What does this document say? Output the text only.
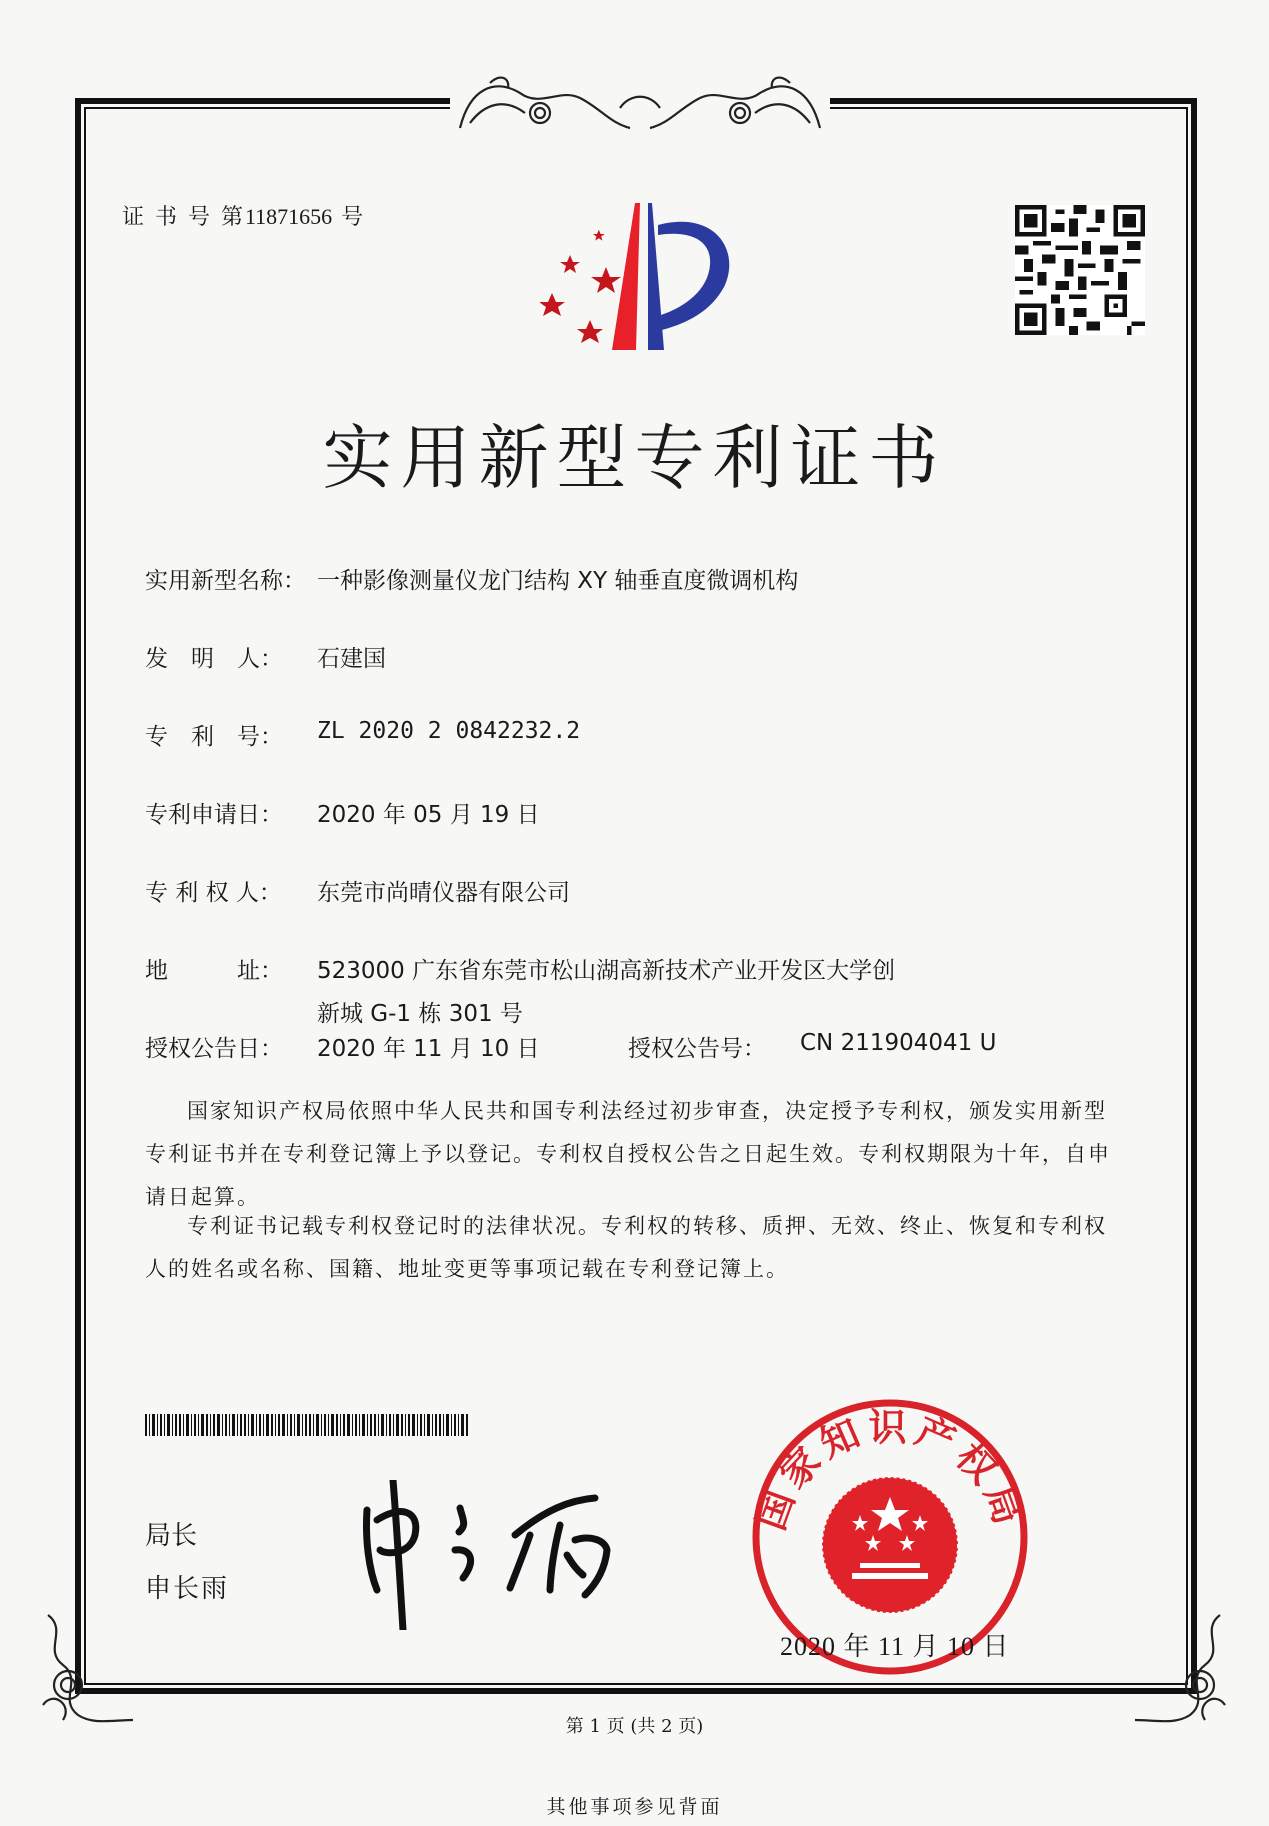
证 书 号 第11871656 号
实用新型专利证书
实用新型名称： 一种影像测量仪龙门结构 XY 轴垂直度微调机构
发　明　人： 石建国
专　利　号： ZL 2020 2 0842232.2
专利申请日： 2020 年 05 月 19 日
专 利 权 人： 东莞市尚晴仪器有限公司
地　　　址： 523000 广东省东莞市松山湖高新技术产业开发区大学创
新城 G-1 栋 301 号
授权公告日： 2020 年 11 月 10 日	授权公告号： CN 211904041 U
国家知识产权局依照中华人民共和国专利法经过初步审查，决定授予专利权，颁发实用新型专利证书并在专利登记簿上予以登记。专利权自授权公告之日起生效。专利权期限为十年，自申请日起算。
专利证书记载专利权登记时的法律状况。专利权的转移、质押、无效、终止、恢复和专利权人的姓名或名称、国籍、地址变更等事项记载在专利登记簿上。
局长
申长雨
国家知识产权局
2020 年 11 月 10 日
第 1 页 (共 2 页)
其他事项参见背面
